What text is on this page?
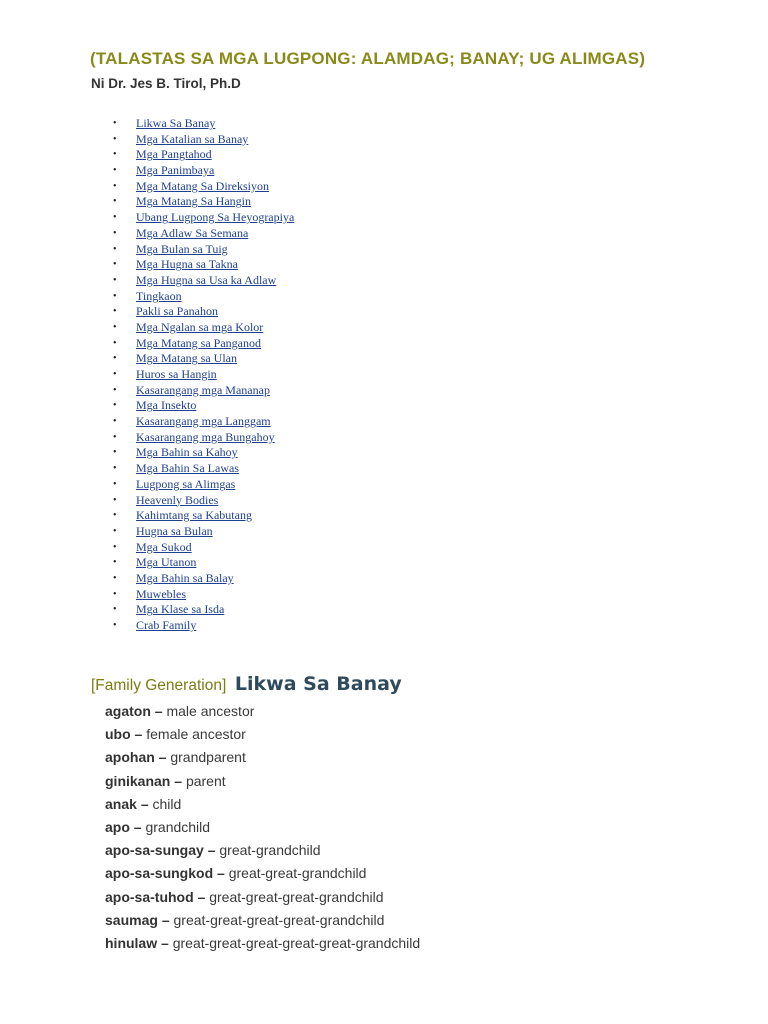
(TALASTAS SA MGA LUGPONG: ALAMDAG; BANAY; UG ALIMGAS)

Ni Dr. Jes B. Tirol, Ph.D

• Likwa Sa Banay
• Mga Katalian sa Banay
• Mga Pangtahod
• Mga Panimbaya
• Mga Matang Sa Direksiyon
• Mga Matang Sa Hangin
• Ubang Lugpong Sa Heyograpiya
• Mga Adlaw Sa Semana
• Mga Bulan sa Tuig
• Mga Hugna sa Takna
• Mga Hugna sa Usa ka Adlaw
• Tingkaon
• Pakli sa Panahon
• Mga Ngalan sa mga Kolor
• Mga Matang sa Panganod
• Mga Matang sa Ulan
• Huros sa Hangin
• Kasarangang mga Mananap
• Mga Insekto
• Kasarangang mga Langgam
• Kasarangang mga Bungahoy
• Mga Bahin sa Kahoy
• Mga Bahin Sa Lawas
• Lugpong sa Alimgas
• Heavenly Bodies
• Kahimtang sa Kabutang
• Hugna sa Bulan
• Mga Sukod
• Mga Utanon
• Mga Bahin sa Balay
• Muwebles
• Mga Klase sa Isda
• Crab Family
[Family Generation] Likwa Sa Banay
agaton – male ancestor
ubo – female ancestor
apohan – grandparent
ginikanan – parent
anak – child
apo – grandchild
apo-sa-sungay – great-grandchild
apo-sa-sungkod – great-great-grandchild
apo-sa-tuhod – great-great-great-grandchild
saumag – great-great-great-great-grandchild
hinulaw – great-great-great-great-great-grandchild
